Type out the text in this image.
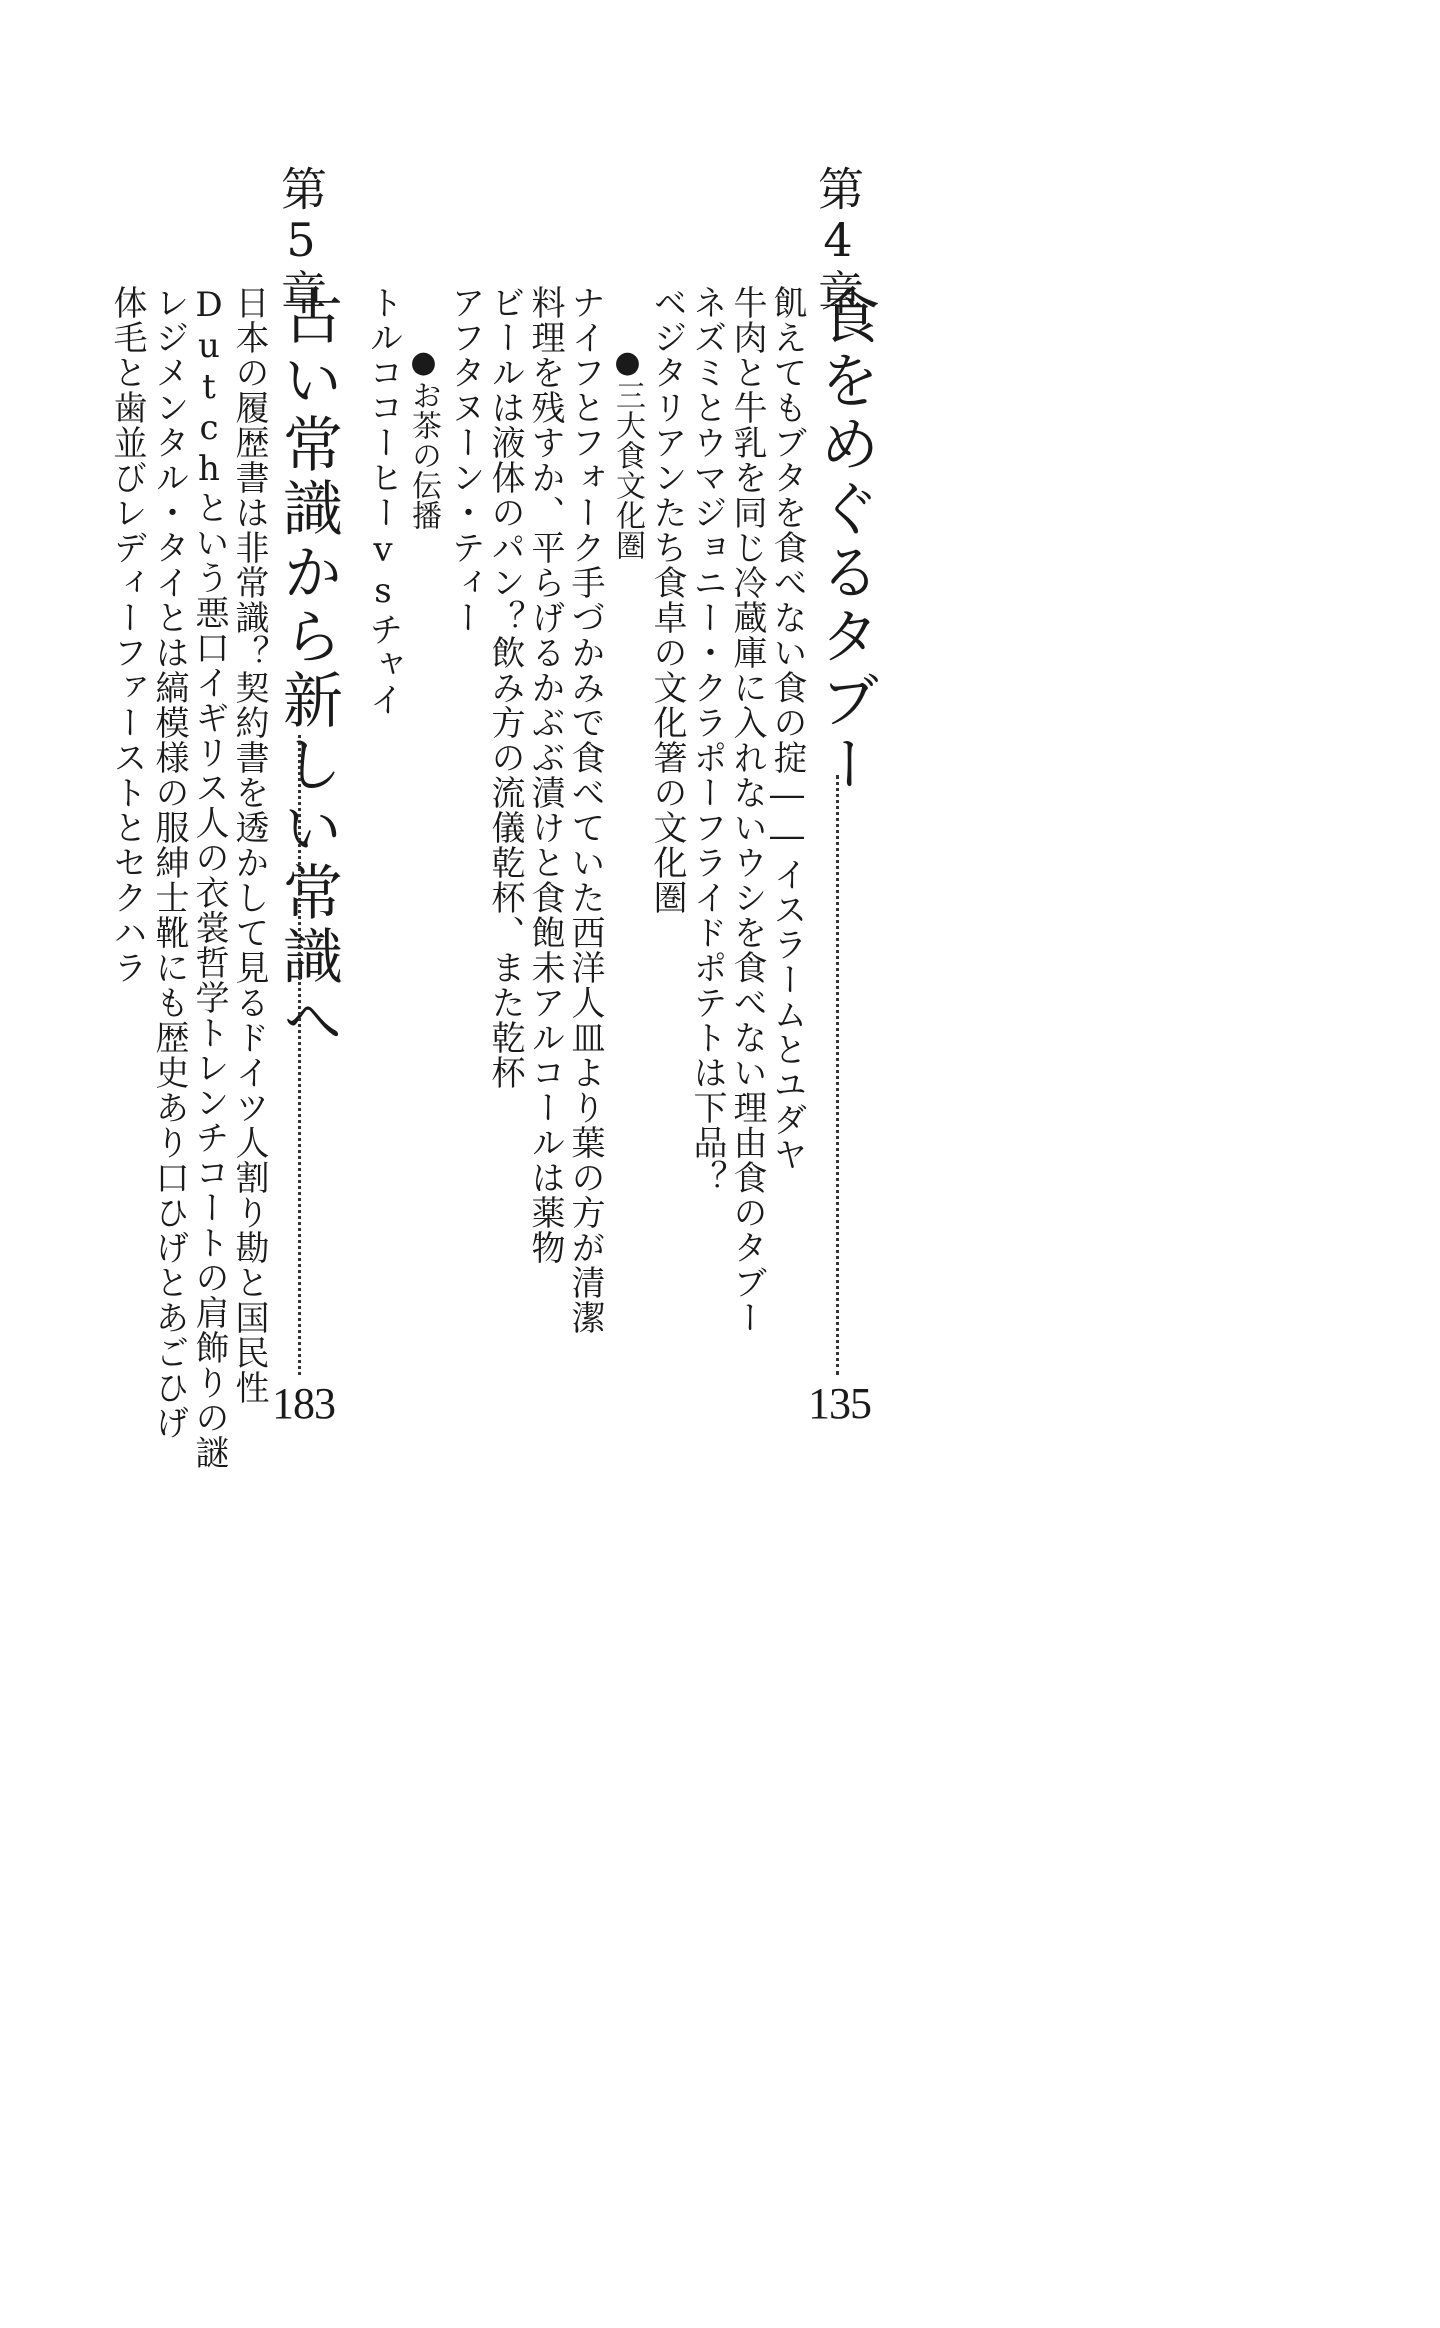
第4章
食をめぐるタブー
135
飢えてもブタを食べない食の掟――イスラームとユダヤ
牛肉と牛乳を同じ冷蔵庫に入れないウシを食べない理由食のタブー
ネズミとウマジョニー・クラポーフライドポテトは下品？
ベジタリアンたち食卓の文化箸の文化圏
●三大食文化圏
ナイフとフォーク手づかみで食べていた西洋人皿より葉の方が清潔
料理を残すか、平らげるかぶぶ漬けと食飽未アルコールは薬物
ビールは液体のパン？飲み方の流儀乾杯、また乾杯
アフタヌーン・ティー
●お茶の伝播
トルココーヒーvsチャイ
第5章
古い常識から新しい常識へ
183
日本の履歴書は非常識？契約書を透かして見るドイツ人割り勘と国民性
Dutchという悪口イギリス人の衣裳哲学トレンチコートの肩飾りの謎
レジメンタル・タイとは縞模様の服紳士靴にも歴史あり口ひげとあごひげ
体毛と歯並びレディーファーストとセクハラ
